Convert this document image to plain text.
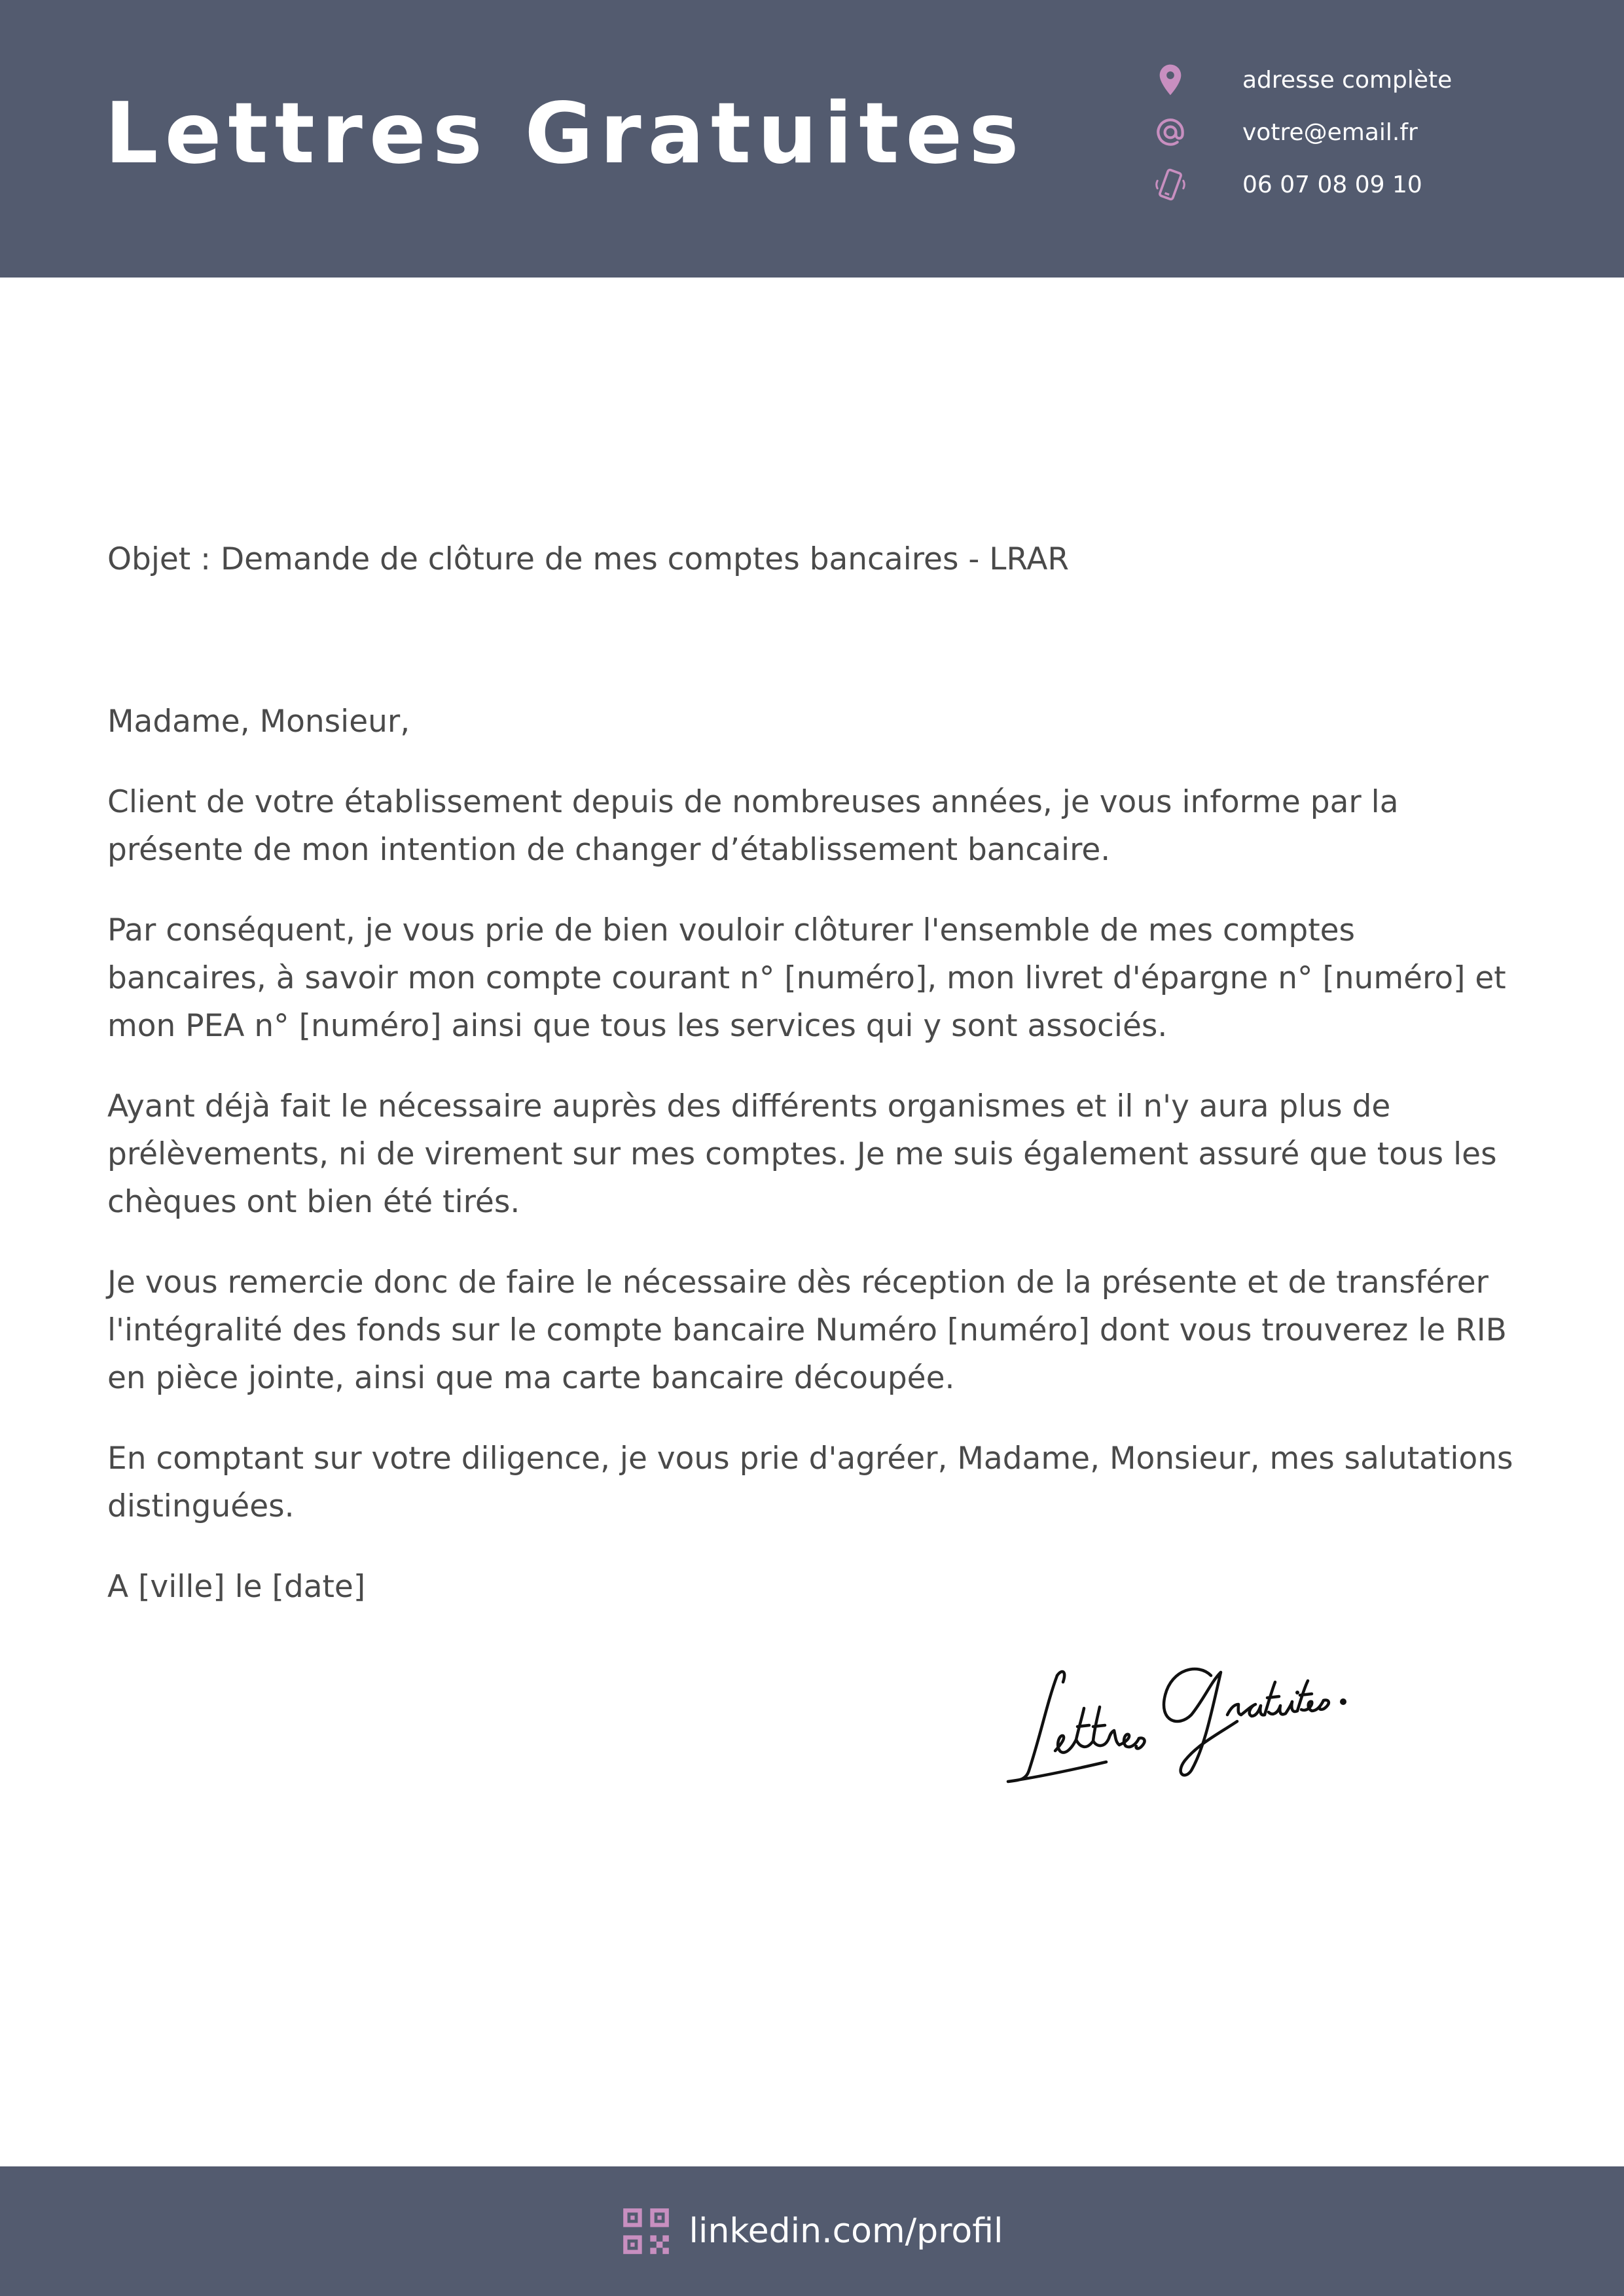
Lettres Gratuites
adresse complète
votre@email.fr
06 07 08 09 10
Objet : Demande de clôture de mes comptes bancaires - LRAR

Madame, Monsieur,

Client de votre établissement depuis de nombreuses années, je vous informe par la présente de mon intention de changer d’établissement bancaire.

Par conséquent, je vous prie de bien vouloir clôturer l'ensemble de mes comptes bancaires, à savoir mon compte courant n° [numéro], mon livret d'épargne n° [numéro] et mon PEA n° [numéro] ainsi que tous les services qui y sont associés.

Ayant déjà fait le nécessaire auprès des différents organismes et il n'y aura plus de prélèvements, ni de virement sur mes comptes. Je me suis également assuré que tous les chèques ont bien été tirés.

Je vous remercie donc de faire le nécessaire dès réception de la présente et de transférer l'intégralité des fonds sur le compte bancaire Numéro [numéro] dont vous trouverez le RIB en pièce jointe, ainsi que ma carte bancaire découpée.

En comptant sur votre diligence, je vous prie d'agréer, Madame, Monsieur, mes salutations distinguées.

A [ville] le [date]

linkedin.com/profil
